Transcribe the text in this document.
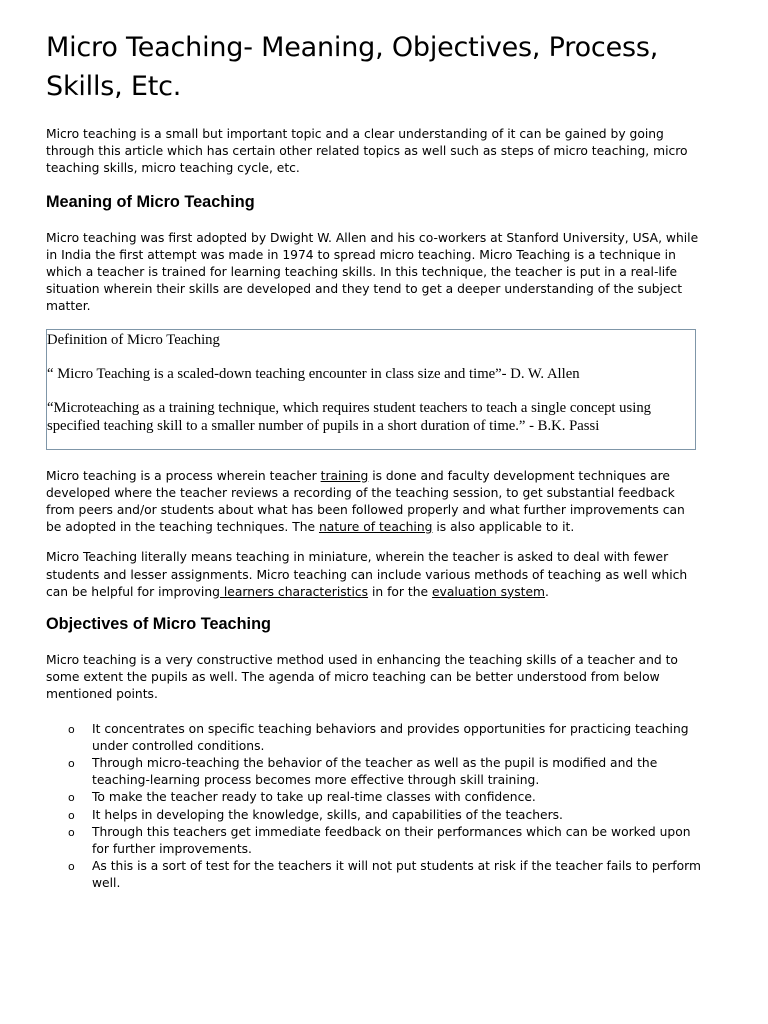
Micro Teaching- Meaning, Objectives, Process, Skills, Etc.

Micro teaching is a small but important topic and a clear understanding of it can be gained by going through this article which has certain other related topics as well such as steps of micro teaching, micro teaching skills, micro teaching cycle, etc.

Meaning of Micro Teaching

Micro teaching was first adopted by Dwight W. Allen and his co-workers at Stanford University, USA, while in India the first attempt was made in 1974 to spread micro teaching. Micro Teaching is a technique in which a teacher is trained for learning teaching skills. In this technique, the teacher is put in a real-life situation wherein their skills are developed and they tend to get a deeper understanding of the subject matter.

Definition of Micro Teaching

“ Micro Teaching is a scaled-down teaching encounter in class size and time”- D. W. Allen

“Microteaching as a training technique, which requires student teachers to teach a single concept using specified teaching skill to a smaller number of pupils in a short duration of time.” - B.K. Passi

Micro teaching is a process wherein teacher training is done and faculty development techniques are developed where the teacher reviews a recording of the teaching session, to get substantial feedback from peers and/or students about what has been followed properly and what further improvements can be adopted in the teaching techniques. The nature of teaching is also applicable to it.

Micro Teaching literally means teaching in miniature, wherein the teacher is asked to deal with fewer students and lesser assignments. Micro teaching can include various methods of teaching as well which can be helpful for improving learners characteristics in for the evaluation system.

Objectives of Micro Teaching

Micro teaching is a very constructive method used in enhancing the teaching skills of a teacher and to some extent the pupils as well. The agenda of micro teaching can be better understood from below mentioned points.

o It concentrates on specific teaching behaviors and provides opportunities for practicing teaching under controlled conditions.
o Through micro-teaching the behavior of the teacher as well as the pupil is modified and the teaching-learning process becomes more effective through skill training.
o To make the teacher ready to take up real-time classes with confidence.
o It helps in developing the knowledge, skills, and capabilities of the teachers.
o Through this teachers get immediate feedback on their performances which can be worked upon for further improvements.
o As this is a sort of test for the teachers it will not put students at risk if the teacher fails to perform well.
